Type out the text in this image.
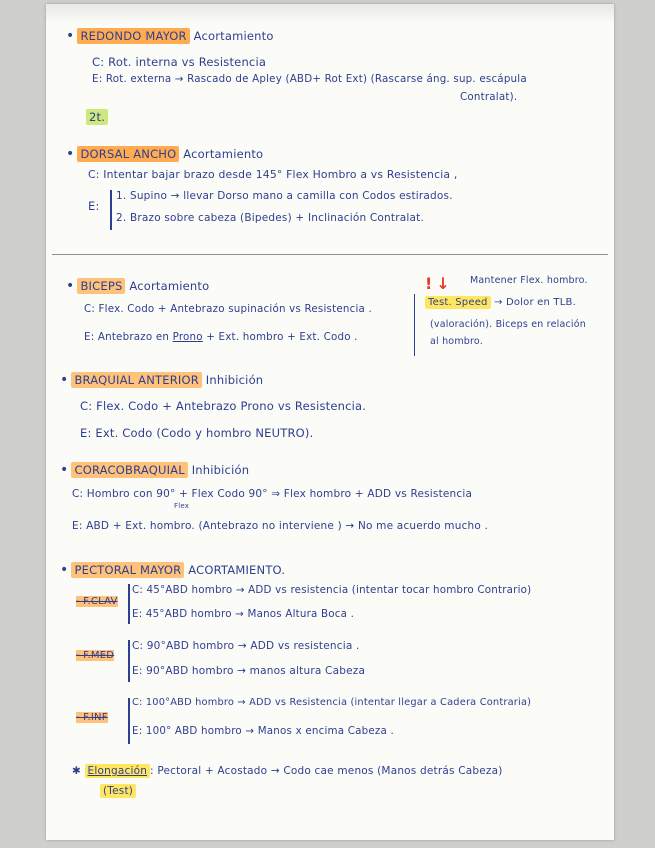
• REDONDO MAYOR Acortamiento
C: Rot. interna vs Resistencia
E: Rot. externa → Rascado de Apley (ABD+ Rot Ext) (Rascarse áng. sup. escápula
Contralat).
2t.
• DORSAL ANCHO Acortamiento
C: Intentar bajar brazo desde 145° Flex Hombro a vs Resistencia ,
E:
1. Supino → llevar Dorso mano a camilla con Codos estirados.
2. Brazo sobre cabeza (Bipedes) + Inclinación Contralat.
• BICEPS Acortamiento
C: Flex. Codo + Antebrazo supinación vs Resistencia .
E: Antebrazo en Prono + Ext. hombro + Ext. Codo .
! ↓ Mantener Flex. hombro.
Test. Speed → Dolor en TLB.
(valoración). Biceps en relación
al hombro.
• BRAQUIAL ANTERIOR Inhibición
C: Flex. Codo + Antebrazo Prono vs Resistencia.
E: Ext. Codo (Codo y hombro NEUTRO).
• CORACOBRAQUIAL Inhibición
C: Hombro con 90° + Flex Codo 90° ⇒ Flex hombro + ADD vs Resistencia
Flex
E: ABD + Ext. hombro. (Antebrazo no interviene ) → No me acuerdo mucho .
• PECTORAL MAYOR ACORTAMIENTO.
- F.CLAV
C: 45°ABD hombro → ADD vs resistencia (intentar tocar hombro Contrario)
E: 45°ABD hombro → Manos Altura Boca .
- F.MED
C: 90°ABD hombro → ADD vs resistencia .
E: 90°ABD hombro → manos altura Cabeza
- F.INF
C: 100°ABD hombro → ADD vs Resistencia (intentar llegar a Cadera Contraria)
E: 100° ABD hombro → Manos x encima Cabeza .
✱ Elongación : Pectoral + Acostado → Codo cae menos (Manos detrás Cabeza)
(Test)
